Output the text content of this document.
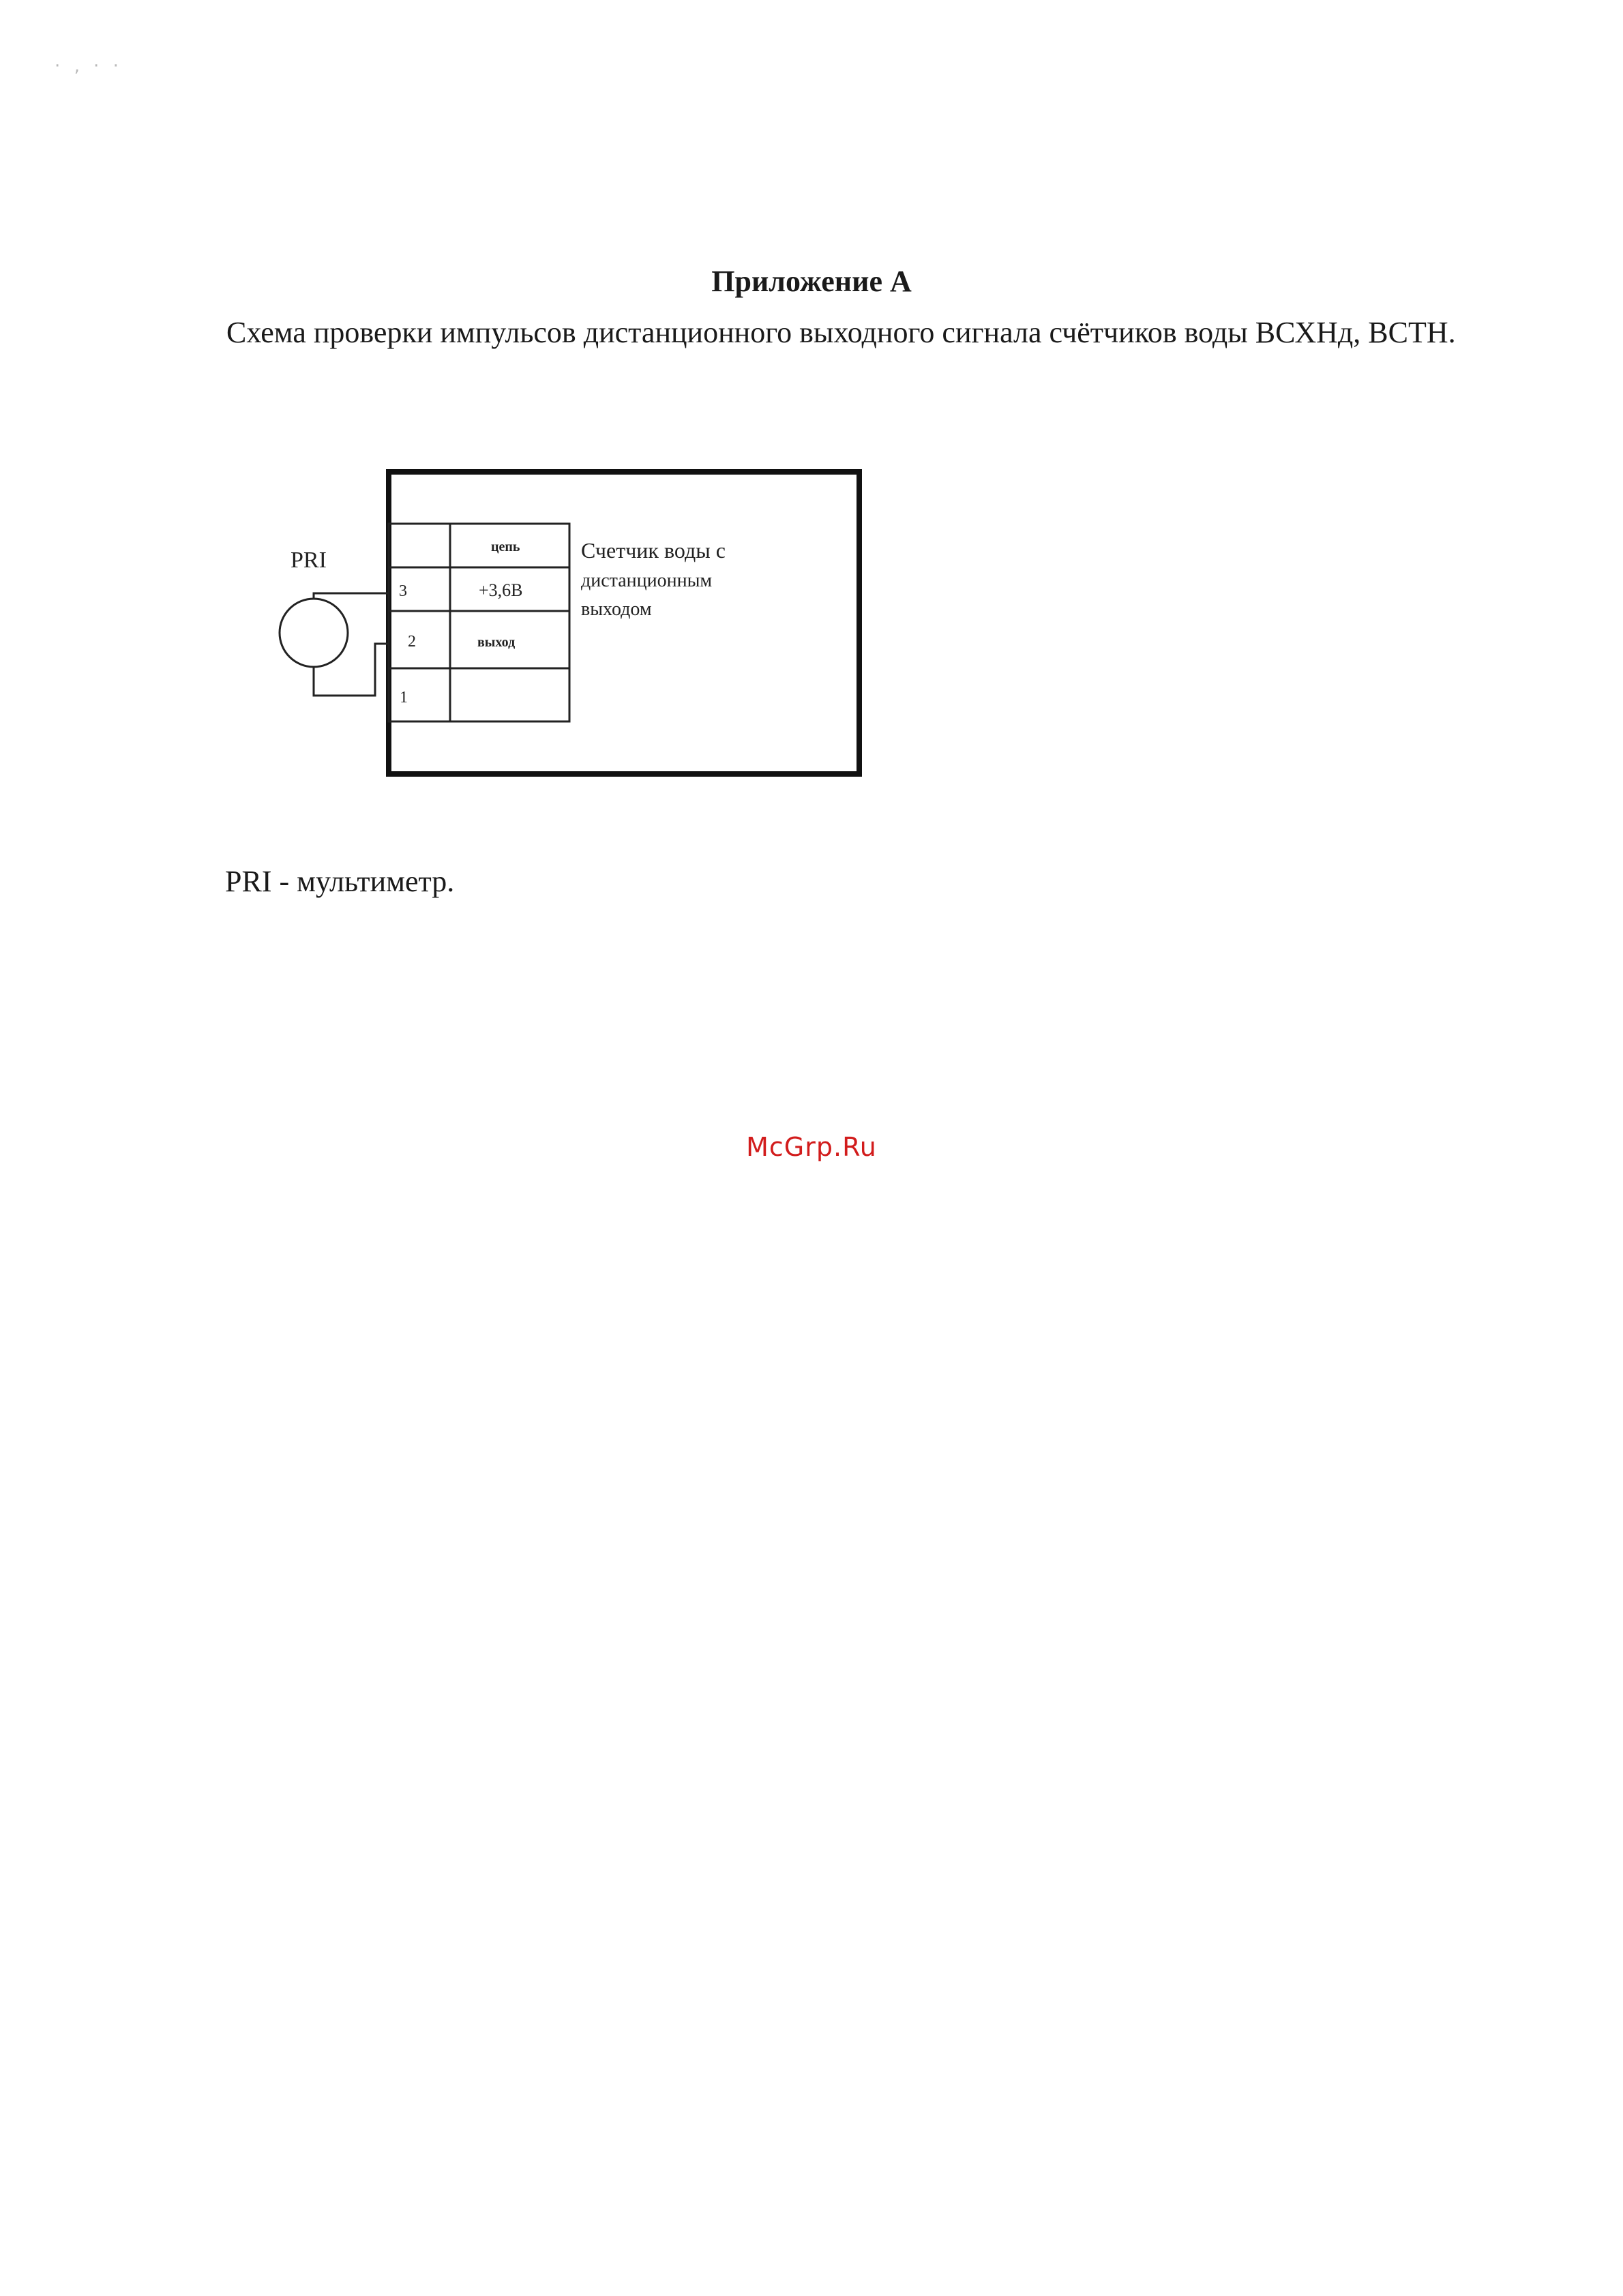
· ‚ · ·
Приложение А
Схема проверки импульсов дистанционного выходного сигнала счётчиков воды ВСХНд, ВСТН.
цепь
3	+3,6В
2	выход
1
Счетчик воды с
дистанционным
выходом
PRI
PRI - мультиметр.
McGrp.Ru
